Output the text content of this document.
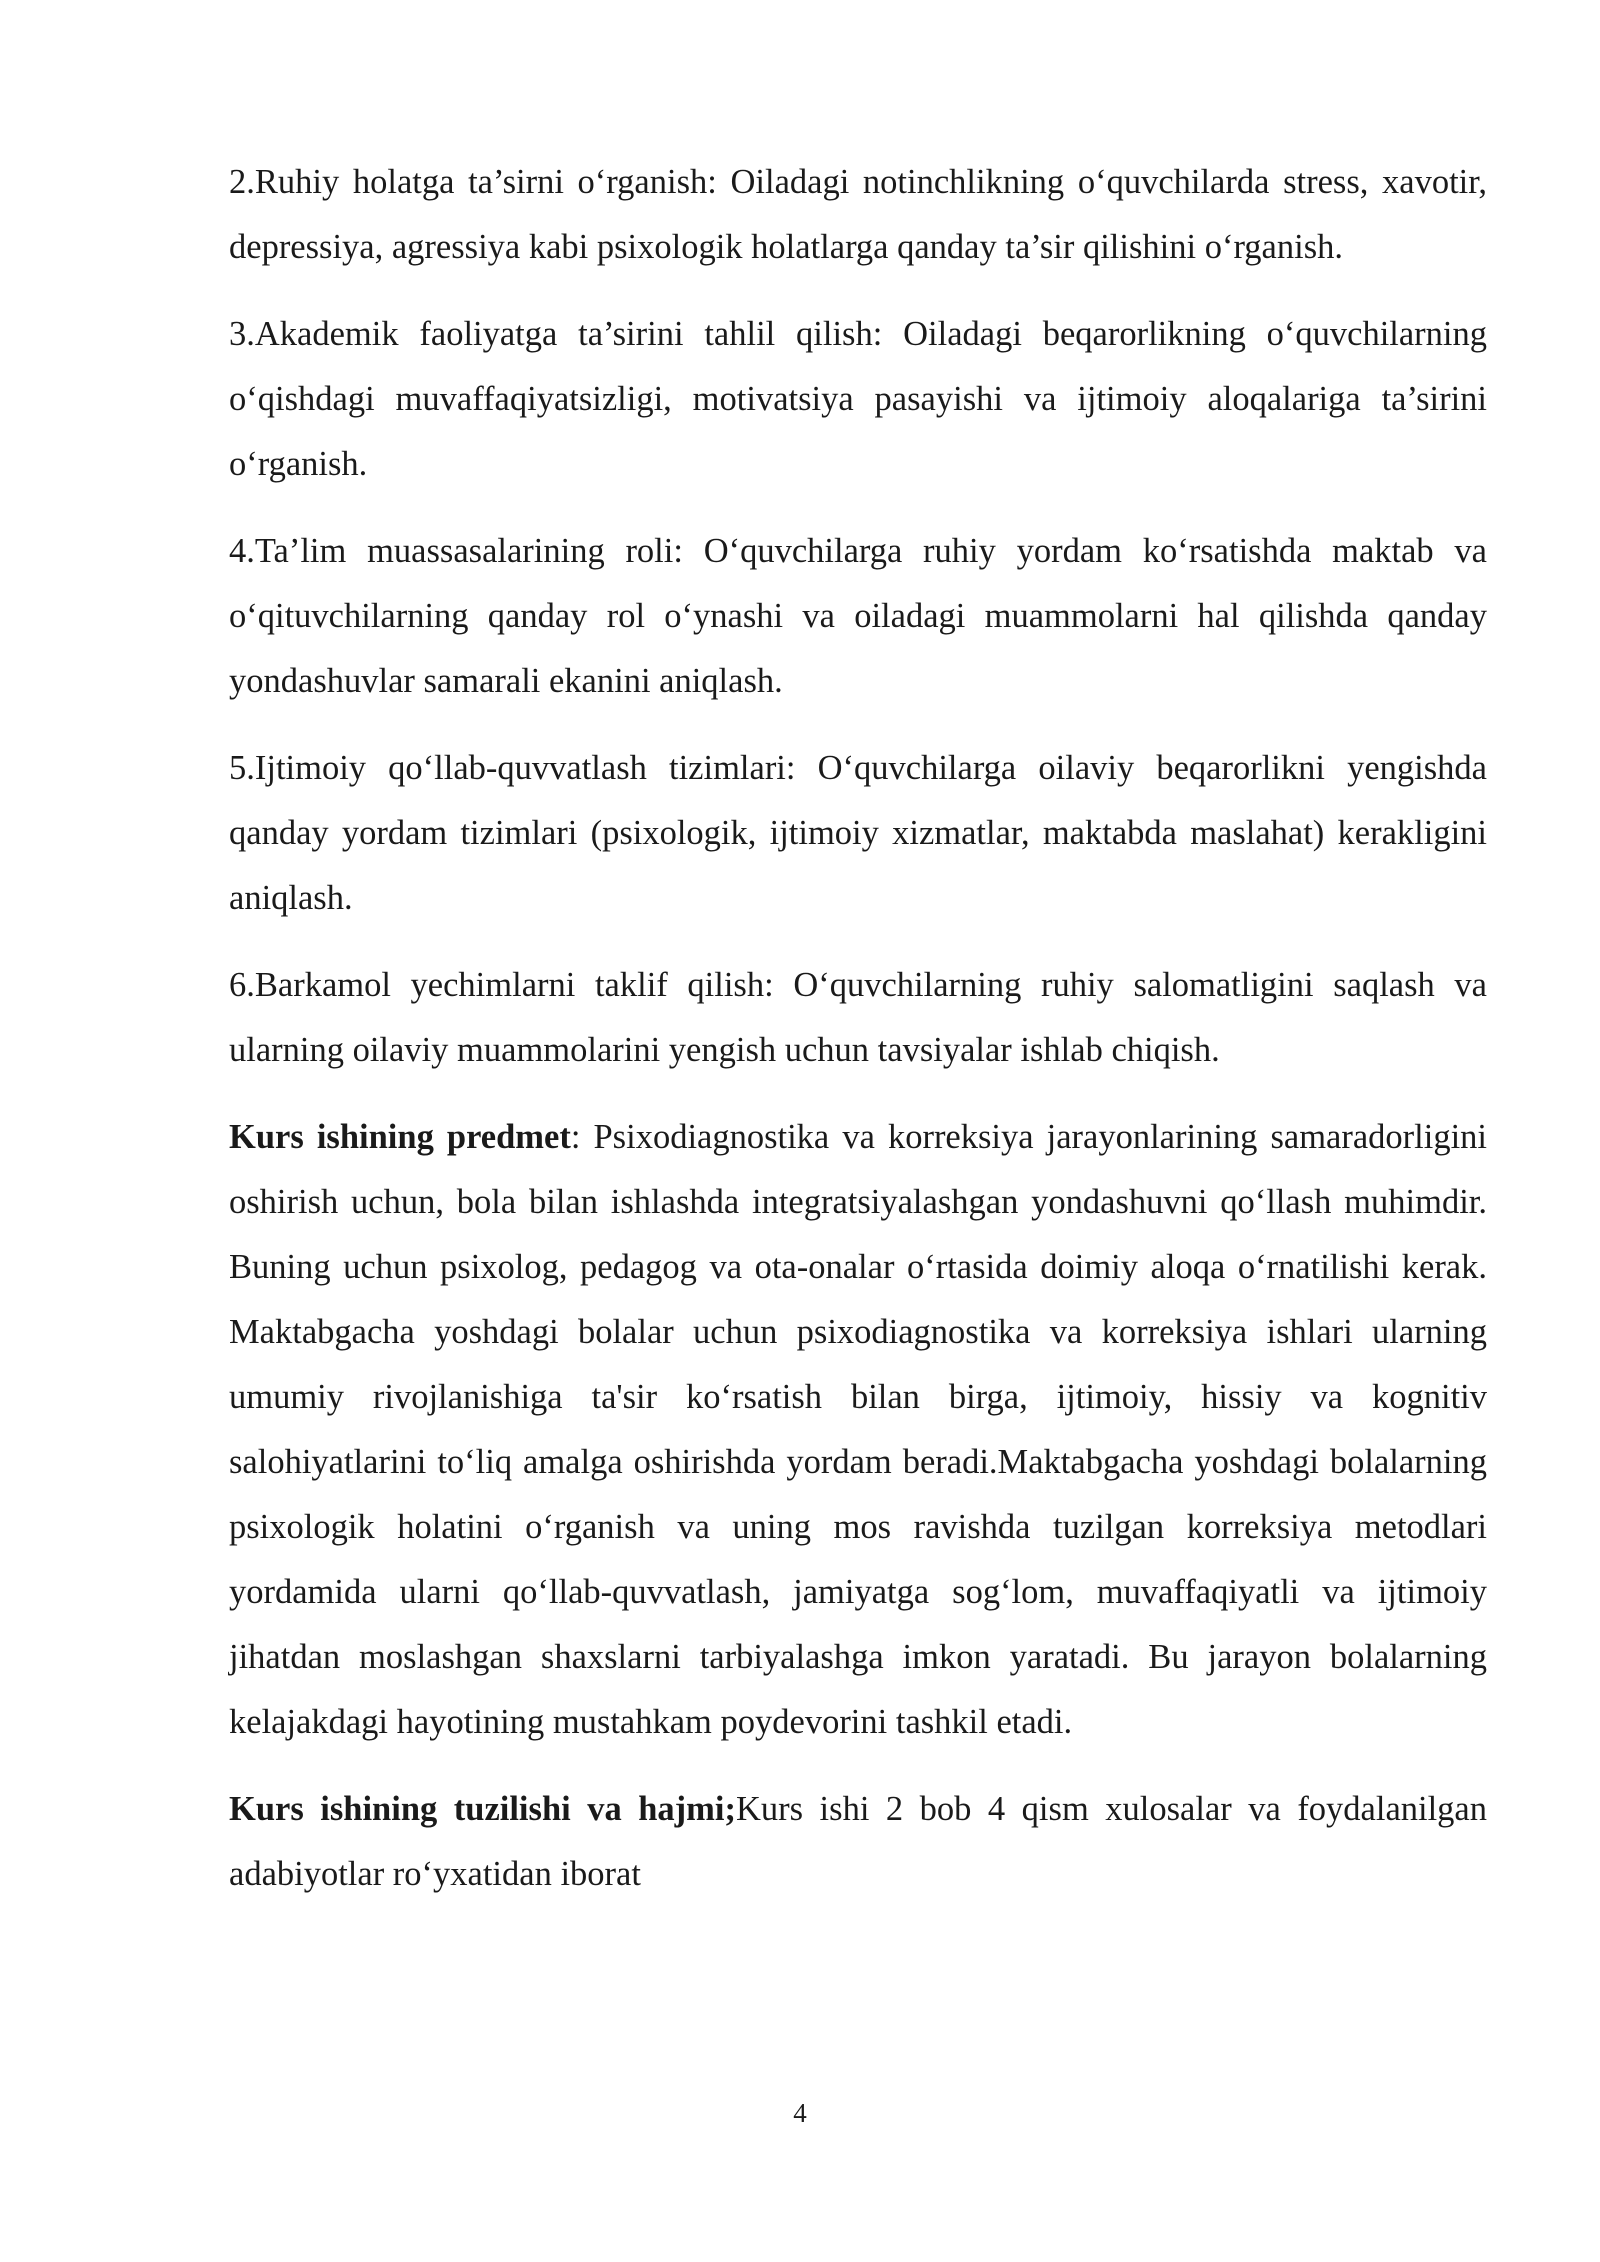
2.Ruhiy holatga ta’sirni o‘rganish: Oiladagi notinchlikning o‘quvchilarda stress, xavotir, depressiya, agressiya kabi psixologik holatlarga qanday ta’sir qilishini o‘rganish.

3.Akademik faoliyatga ta’sirini tahlil qilish: Oiladagi beqarorlikning o‘quvchilarning o‘qishdagi muvaffaqiyatsizligi, motivatsiya pasayishi va ijtimoiy aloqalariga ta’sirini o‘rganish.

4.Ta’lim muassasalarining roli: O‘quvchilarga ruhiy yordam ko‘rsatishda maktab va o‘qituvchilarning qanday rol o‘ynashi va oiladagi muammolarni hal qilishda qanday yondashuvlar samarali ekanini aniqlash.

5.Ijtimoiy qo‘llab-quvvatlash tizimlari: O‘quvchilarga oilaviy beqarorlikni yengishda qanday yordam tizimlari (psixologik, ijtimoiy xizmatlar, maktabda maslahat) kerakligini aniqlash.

6.Barkamol yechimlarni taklif qilish: O‘quvchilarning ruhiy salomatligini saqlash va ularning oilaviy muammolarini yengish uchun tavsiyalar ishlab chiqish.

Kurs ishining predmet: Psixodiagnostika va korreksiya jarayonlarining samaradorligini oshirish uchun, bola bilan ishlashda integratsiyalashgan yondashuvni qo‘llash muhimdir. Buning uchun psixolog, pedagog va ota-onalar o‘rtasida doimiy aloqa o‘rnatilishi kerak. Maktabgacha yoshdagi bolalar uchun psixodiagnostika va korreksiya ishlari ularning umumiy rivojlanishiga ta'sir ko‘rsatish bilan birga, ijtimoiy, hissiy va kognitiv salohiyatlarini to‘liq amalga oshirishda yordam beradi.Maktabgacha yoshdagi bolalarning psixologik holatini o‘rganish va uning mos ravishda tuzilgan korreksiya metodlari yordamida ularni qo‘llab-quvvatlash, jamiyatga sog‘lom, muvaffaqiyatli va ijtimoiy jihatdan moslashgan shaxslarni tarbiyalashga imkon yaratadi. Bu jarayon bolalarning kelajakdagi hayotining mustahkam poydevorini tashkil etadi.

Kurs ishining tuzilishi va hajmi;Kurs ishi 2 bob 4 qism xulosalar va foydalanilgan adabiyotlar ro‘yxatidan iborat

4
